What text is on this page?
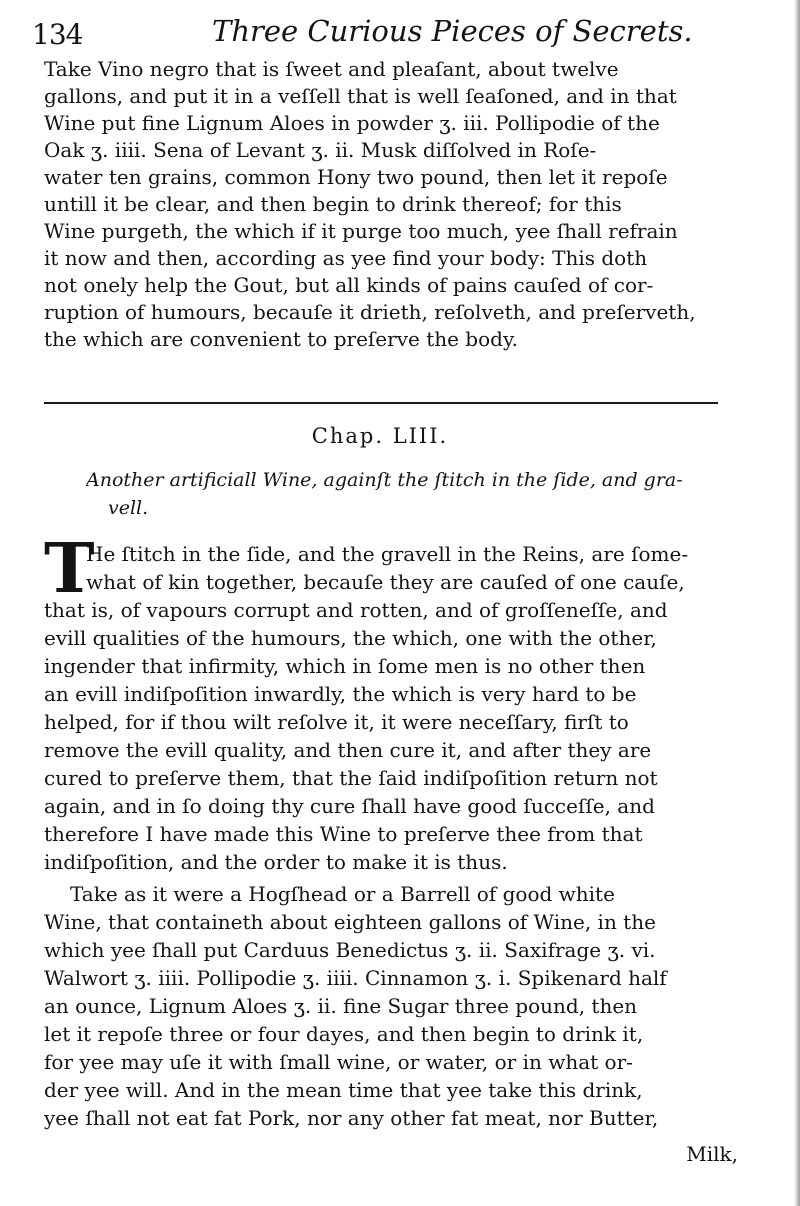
134	Three Curious Pieces of Secrets.
Take Vino negro that is ſweet and pleaſant, about twelve
gallons, and put it in a veſſell that is well ſeaſoned, and in that
Wine put fine Lignum Aloes in powder ʒ. iii. Pollipodie of the
Oak ʒ. iiii. Sena of Levant ʒ. ii. Musk diſſolved in Roſe-
water ten grains, common Hony two pound, then let it repoſe
untill it be clear, and then begin to drink thereof; for this
Wine purgeth, the which if it purge too much, yee ſhall refrain
it now and then, according as yee find your body: This doth
not onely help the Gout, but all kinds of pains cauſed of cor-
ruption of humours, becauſe it drieth, reſolveth, and preſerveth,
the which are convenient to preſerve the body.
Chap. LIII.
Another artificiall Wine, againſt the ſtitch in the ſide, and gra-
vell.
T
He ſtitch in the ſide, and the gravell in the Reins, are ſome-
what of kin together, becauſe they are cauſed of one cauſe,
that is, of vapours corrupt and rotten, and of groſſeneſſe, and
evill qualities of the humours, the which, one with the other,
ingender that infirmity, which in ſome men is no other then
an evill indiſpoſition inwardly, the which is very hard to be
helped, for if thou wilt reſolve it, it were neceſſary, firſt to
remove the evill quality, and then cure it, and after they are
cured to preſerve them, that the ſaid indiſpoſition return not
again, and in ſo doing thy cure ſhall have good ſucceſſe, and
therefore I have made this Wine to preſerve thee from that
indiſpoſition, and the order to make it is thus.
Take as it were a Hogſhead or a Barrell of good white
Wine, that containeth about eighteen gallons of Wine, in the
which yee ſhall put Carduus Benedictus ʒ. ii. Saxifrage ʒ. vi.
Walwort ʒ. iiii. Pollipodie ʒ. iiii. Cinnamon ʒ. i. Spikenard half
an ounce, Lignum Aloes ʒ. ii. fine Sugar three pound, then
let it repoſe three or four dayes, and then begin to drink it,
for yee may uſe it with ſmall wine, or water, or in what or-
der yee will. And in the mean time that yee take this drink,
yee ſhall not eat fat Pork, nor any other fat meat, nor Butter,
Milk,
